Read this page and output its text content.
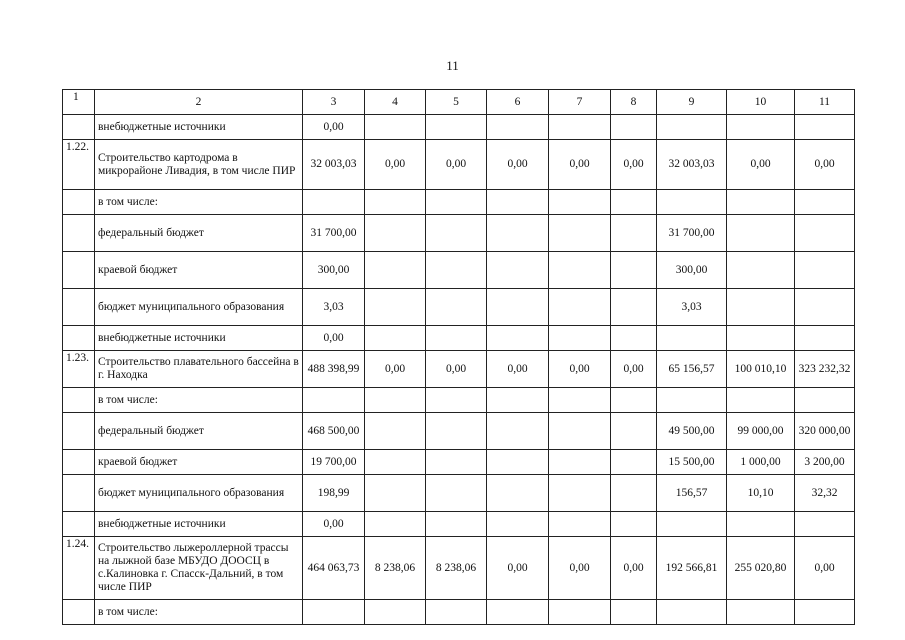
11
1	2	3	4	5	6	7	8	9	10	11
	внебюджетные источники	0,00								
1.22.	Строительство картодрома в микрорайоне Ливадия, в том числе ПИР	32 003,03	0,00	0,00	0,00	0,00	0,00	32 003,03	0,00	0,00
	в том числе:									
	федеральный бюджет	31 700,00						31 700,00		
	краевой бюджет	300,00						300,00		
	бюджет муниципального образования	3,03						3,03		
	внебюджетные источники	0,00								
1.23.	Строительство плавательного бассейна в г. Находка	488 398,99	0,00	0,00	0,00	0,00	0,00	65 156,57	100 010,10	323 232,32
	в том числе:									
	федеральный бюджет	468 500,00						49 500,00	99 000,00	320 000,00
	краевой бюджет	19 700,00						15 500,00	1 000,00	3 200,00
	бюджет муниципального образования	198,99						156,57	10,10	32,32
	внебюджетные источники	0,00								
1.24.	Строительство лыжероллерной трассы на лыжной базе МБУДО ДООСЦ в с.Калиновка г. Спасск-Дальний, в том числе ПИР	464 063,73	8 238,06	8 238,06	0,00	0,00	0,00	192 566,81	255 020,80	0,00
	в том числе:									
